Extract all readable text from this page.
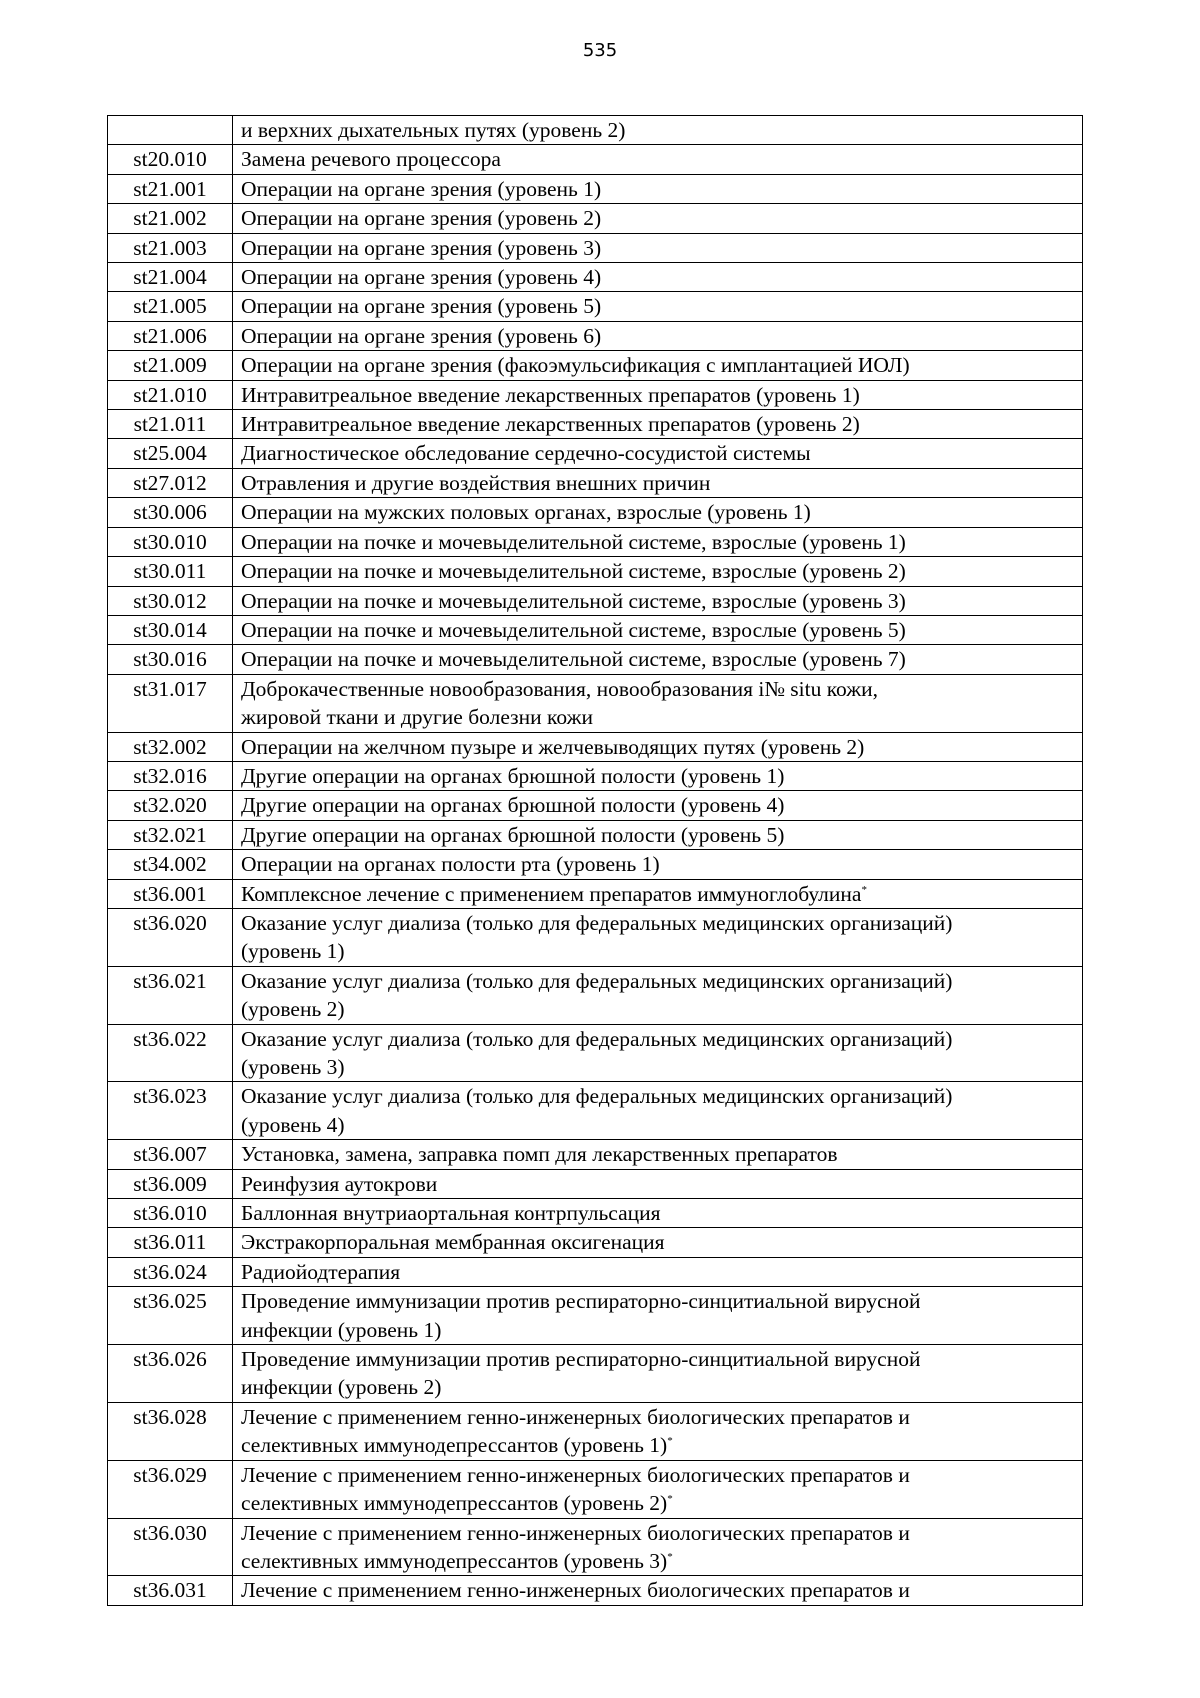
535
	и верхних дыхательных путях (уровень 2)
st20.010	Замена речевого процессора
st21.001	Операции на органе зрения (уровень 1)
st21.002	Операции на органе зрения (уровень 2)
st21.003	Операции на органе зрения (уровень 3)
st21.004	Операции на органе зрения (уровень 4)
st21.005	Операции на органе зрения (уровень 5)
st21.006	Операции на органе зрения (уровень 6)
st21.009	Операции на органе зрения (факоэмульсификация с имплантацией ИОЛ)
st21.010	Интравитреальное введение лекарственных препаратов (уровень 1)
st21.011	Интравитреальное введение лекарственных препаратов (уровень 2)
st25.004	Диагностическое обследование сердечно-сосудистой системы
st27.012	Отравления и другие воздействия внешних причин
st30.006	Операции на мужских половых органах, взрослые (уровень 1)
st30.010	Операции на почке и мочевыделительной системе, взрослые (уровень 1)
st30.011	Операции на почке и мочевыделительной системе, взрослые (уровень 2)
st30.012	Операции на почке и мочевыделительной системе, взрослые (уровень 3)
st30.014	Операции на почке и мочевыделительной системе, взрослые (уровень 5)
st30.016	Операции на почке и мочевыделительной системе, взрослые (уровень 7)
st31.017	Доброкачественные новообразования, новообразования i№ situ кожи,
жировой ткани и другие болезни кожи
st32.002	Операции на желчном пузыре и желчевыводящих путях (уровень 2)
st32.016	Другие операции на органах брюшной полости (уровень 1)
st32.020	Другие операции на органах брюшной полости (уровень 4)
st32.021	Другие операции на органах брюшной полости (уровень 5)
st34.002	Операции на органах полости рта (уровень 1)
st36.001	Комплексное лечение с применением препаратов иммуноглобулина*
st36.020	Оказание услуг диализа (только для федеральных медицинских организаций)
(уровень 1)
st36.021	Оказание услуг диализа (только для федеральных медицинских организаций)
(уровень 2)
st36.022	Оказание услуг диализа (только для федеральных медицинских организаций)
(уровень 3)
st36.023	Оказание услуг диализа (только для федеральных медицинских организаций)
(уровень 4)
st36.007	Установка, замена, заправка помп для лекарственных препаратов
st36.009	Реинфузия аутокрови
st36.010	Баллонная внутриаортальная контрпульсация
st36.011	Экстракорпоральная мембранная оксигенация
st36.024	Радиойодтерапия
st36.025	Проведение иммунизации против респираторно-синцитиальной вирусной
инфекции (уровень 1)
st36.026	Проведение иммунизации против респираторно-синцитиальной вирусной
инфекции (уровень 2)
st36.028	Лечение с применением генно-инженерных биологических препаратов и
селективных иммунодепрессантов (уровень 1)*
st36.029	Лечение с применением генно-инженерных биологических препаратов и
селективных иммунодепрессантов (уровень 2)*
st36.030	Лечение с применением генно-инженерных биологических препаратов и
селективных иммунодепрессантов (уровень 3)*
st36.031	Лечение с применением генно-инженерных биологических препаратов и
